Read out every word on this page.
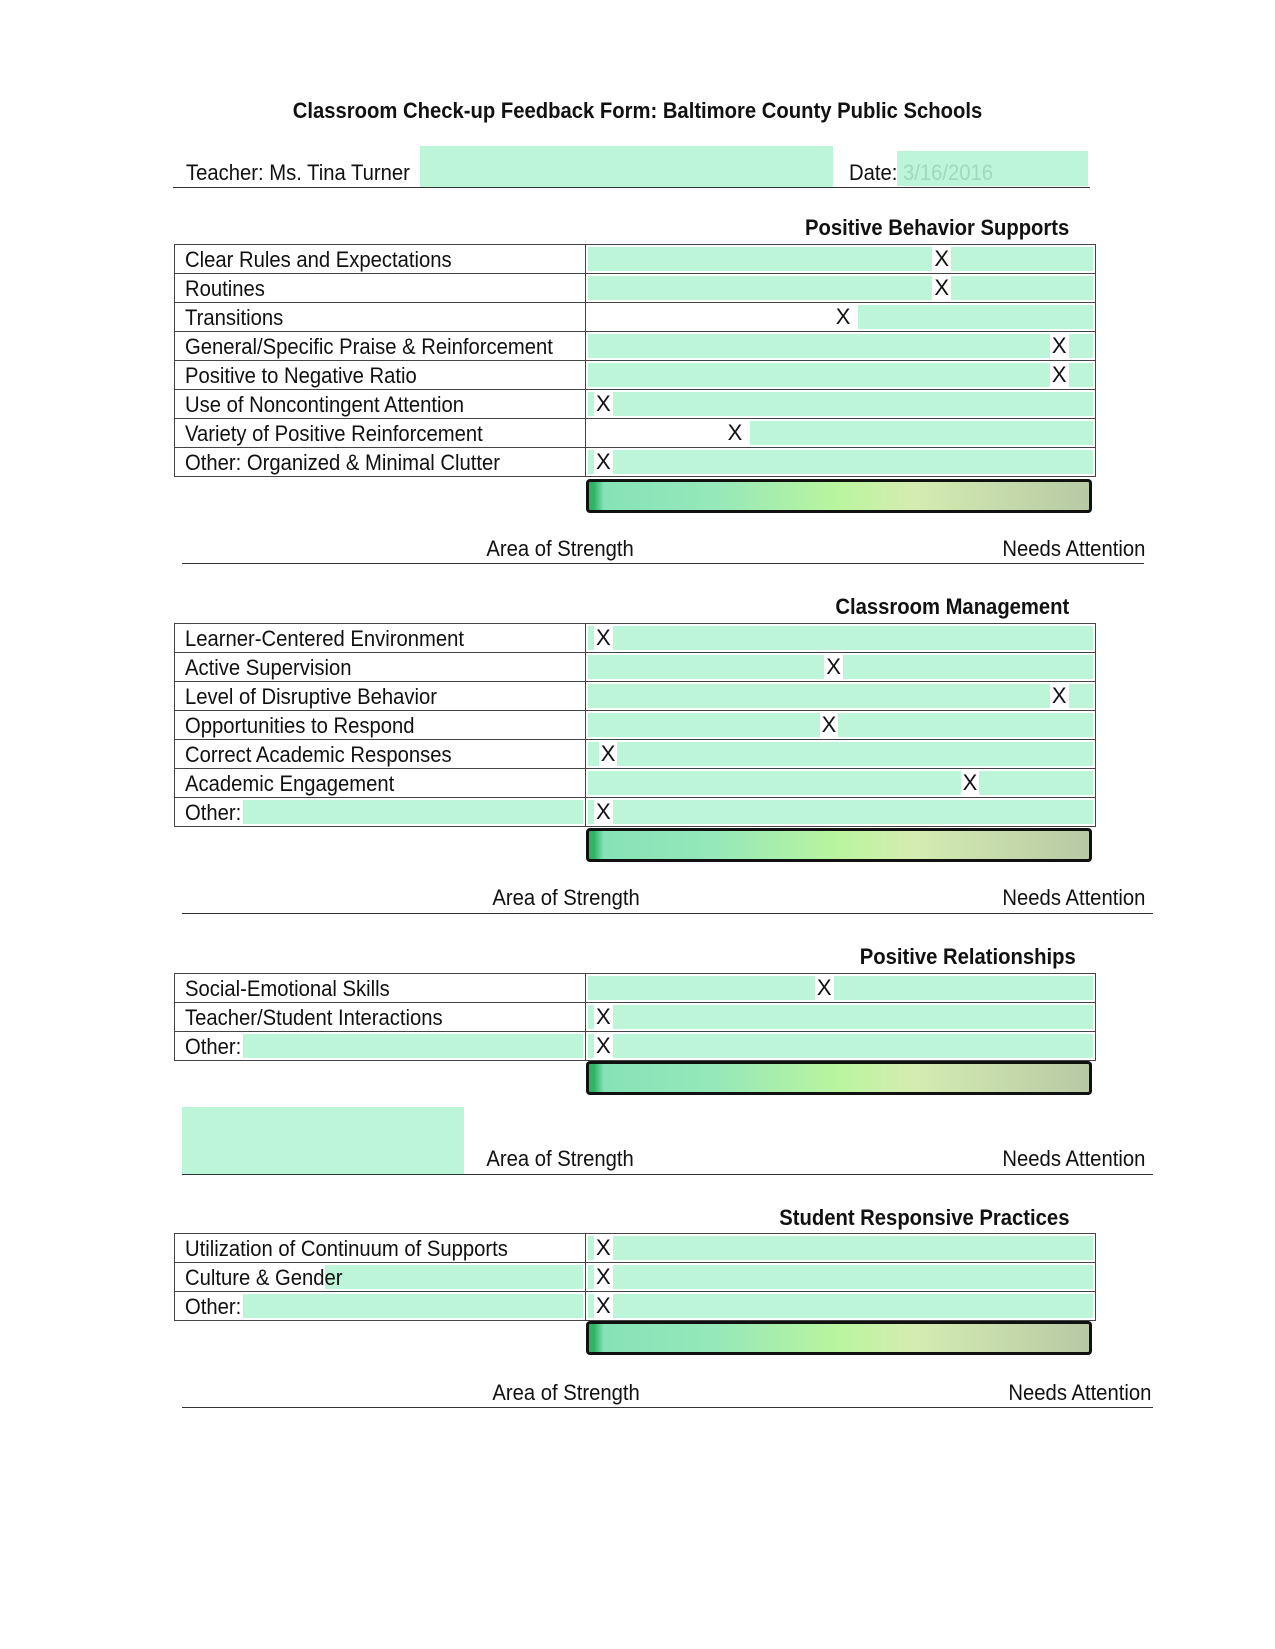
Classroom Check-up Feedback Form: Baltimore County Public Schools
Teacher: Ms. Tina Turner	Date: 3/16/2016
Positive Behavior Supports
Clear Rules and Expectations	X

Routines	X

Transitions	X

General/Specific Praise & Reinforcement	X

Positive to Negative Ratio	X

Use of Noncontingent Attention	X

Variety of Positive Reinforcement	X

Other: Organized & Minimal Clutter	X
Area of Strength	Needs Attention
Classroom Management
Learner-Centered Environment	X

Active Supervision	X

Level of Disruptive Behavior	X

Opportunities to Respond	X

Correct Academic Responses	X

Academic Engagement	X

Other:	X
Area of Strength	Needs Attention
Positive Relationships
Social-Emotional Skills	X

Teacher/Student Interactions	X

Other:	X
Area of Strength	Needs Attention
Student Responsive Practices
Utilization of Continuum of Supports	X

Culture & Gender	X

Other:	X
Area of Strength	Needs Attention
